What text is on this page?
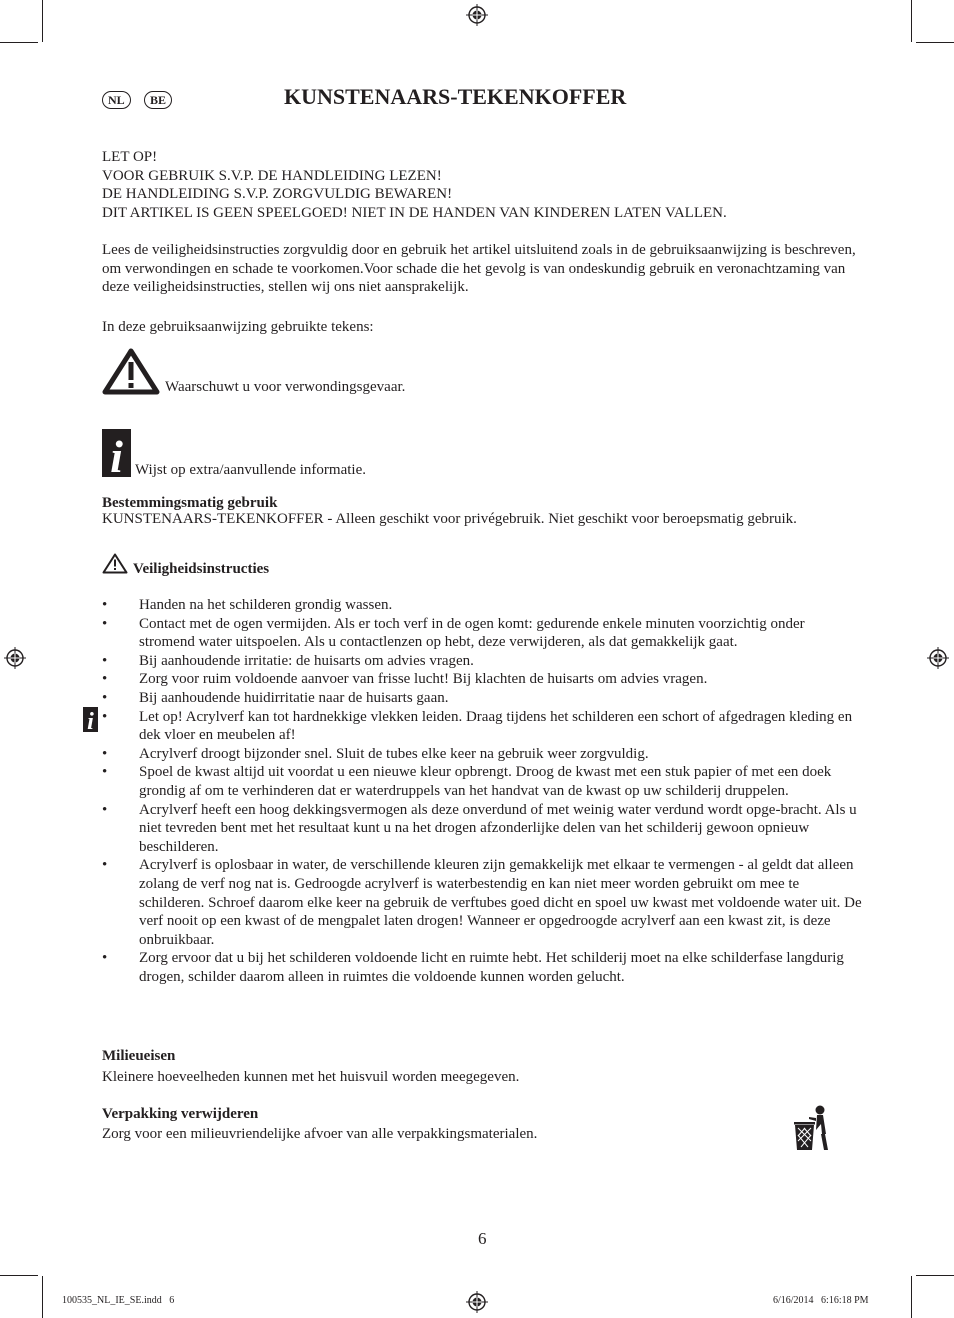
NL	BE	KUNSTENAARS-TEKENKOFFER
LET OP!
VOOR GEBRUIK S.V.P. DE HANDLEIDING LEZEN!
DE HANDLEIDING S.V.P. ZORGVULDIG BEWAREN!
DIT ARTIKEL IS GEEN SPEELGOED! NIET IN DE HANDEN VAN KINDEREN LATEN VALLEN.
Lees de veiligheidsinstructies zorgvuldig door en gebruik het artikel uitsluitend zoals in de gebruiksaanwijzing is beschreven, om verwondingen en schade te voorkomen.Voor schade die het gevolg is van ondeskundig gebruik en veronachtzaming van deze veiligheidsinstructies, stellen wij ons niet aansprakelijk.
In deze gebruiksaanwijzing gebruikte tekens:
Waarschuwt u voor verwondingsgevaar.
i Wijst op extra/aanvullende informatie.
Bestemmingsmatig gebruik
KUNSTENAARS-TEKENKOFFER - Alleen geschikt voor privégebruik. Niet geschikt voor beroepsmatig gebruik.
Veiligheidsinstructies
i
• Handen na het schilderen grondig wassen.
• Contact met de ogen vermijden. Als er toch verf in de ogen komt: gedurende enkele minuten voorzichtig onder stromend water uitspoelen. Als u contactlenzen op hebt, deze verwijderen, als dat gemakkelijk gaat.
• Bij aanhoudende irritatie: de huisarts om advies vragen.
• Zorg voor ruim voldoende aanvoer van frisse lucht! Bij klachten de huisarts om advies vragen.
• Bij aanhoudende huidirritatie naar de huisarts gaan.
• Let op! Acrylverf kan tot hardnekkige vlekken leiden. Draag tijdens het schilderen een schort of afgedragen kleding en dek vloer en meubelen af!
• Acrylverf droogt bijzonder snel. Sluit de tubes elke keer na gebruik weer zorgvuldig.
• Spoel de kwast altijd uit voordat u een nieuwe kleur opbrengt. Droog de kwast met een stuk papier of met een doek grondig af om te verhinderen dat er waterdruppels van het handvat van de kwast op uw schilderij druppelen.
• Acrylverf heeft een hoog dekkingsvermogen als deze onverdund of met weinig water verdund wordt opge-bracht. Als u niet tevreden bent met het resultaat kunt u na het drogen afzonderlijke delen van het schilderij gewoon opnieuw beschilderen.
• Acrylverf is oplosbaar in water, de verschillende kleuren zijn gemakkelijk met elkaar te vermengen - al geldt dat alleen zolang de verf nog nat is. Gedroogde acrylverf is waterbestendig en kan niet meer worden gebruikt om mee te schilderen. Schroef daarom elke keer na gebruik de verftubes goed dicht en spoel uw kwast met voldoende water uit. De verf nooit op een kwast of de mengpalet laten drogen! Wanneer er opgedroogde acrylverf aan een kwast zit, is deze onbruikbaar.
• Zorg ervoor dat u bij het schilderen voldoende licht en ruimte hebt. Het schilderij moet na elke schilderfase langdurig drogen, schilder daarom alleen in ruimtes die voldoende kunnen worden gelucht.
Milieueisen
Kleinere hoeveelheden kunnen met het huisvuil worden meegegeven.
Verpakking verwijderen
Zorg voor een milieuvriendelijke afvoer van alle verpakkingsmaterialen.
6
100535_NL_IE_SE.indd   6	6/16/2014   6:16:18 PM
